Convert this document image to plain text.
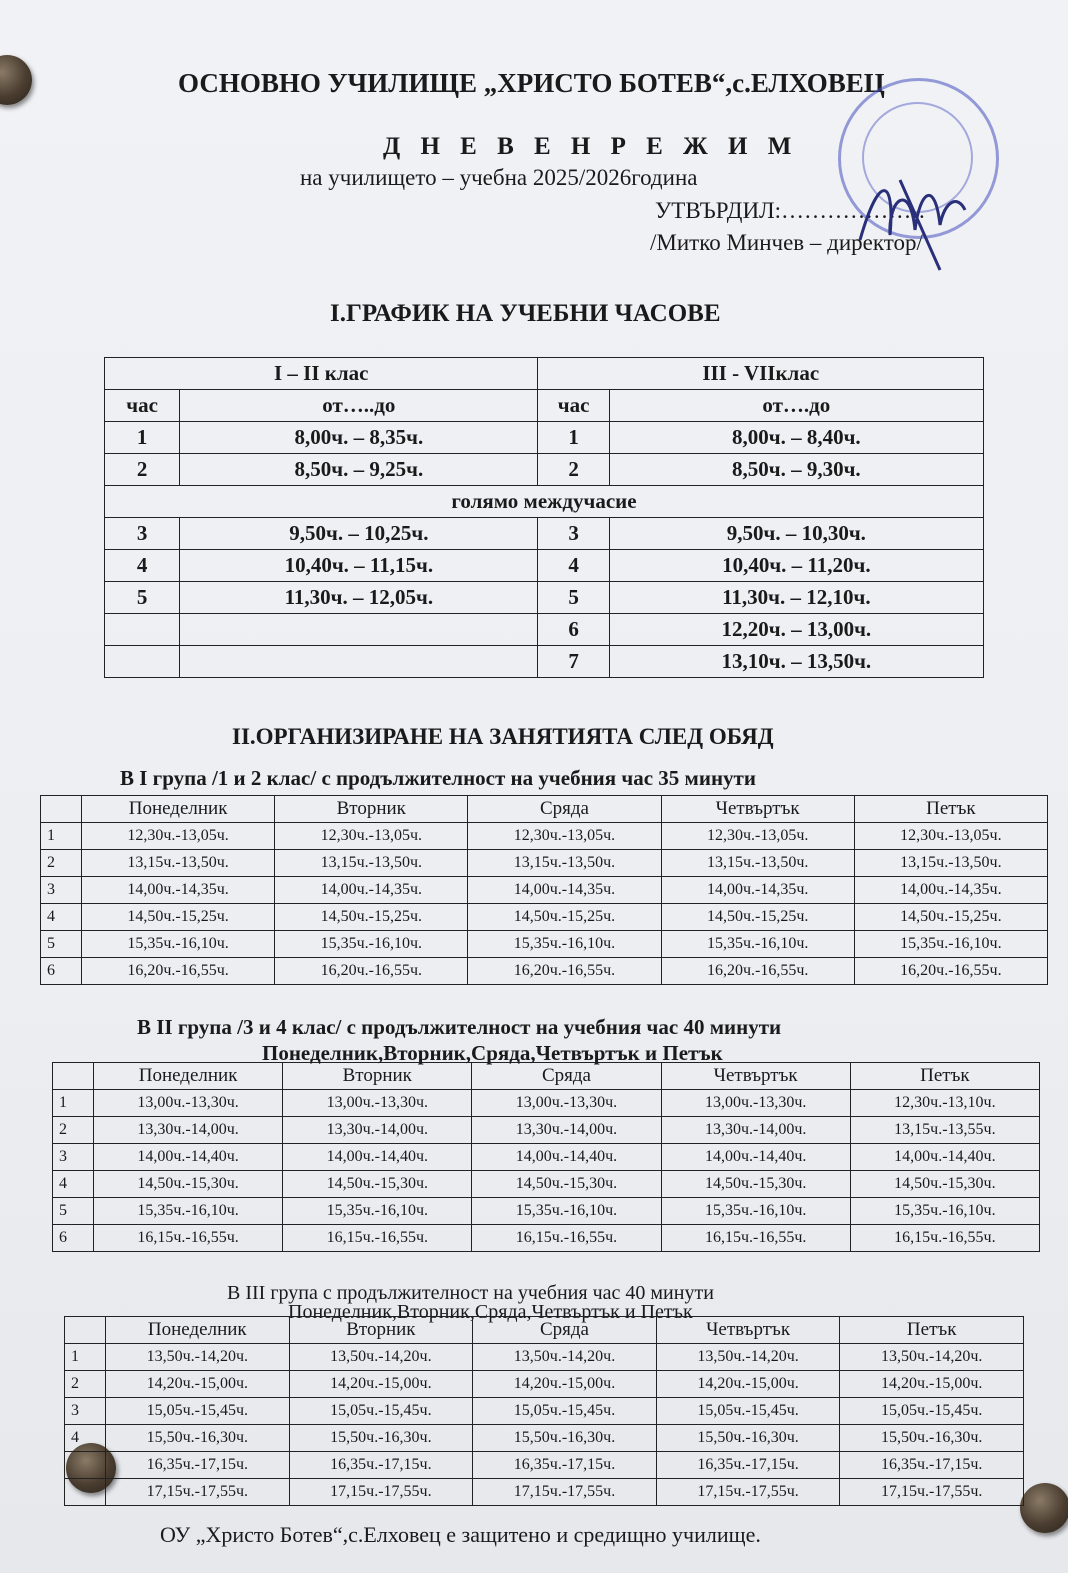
ОСНОВНО УЧИЛИЩЕ „ХРИСТО БОТЕВ“,с.ЕЛХОВЕЦ
Д Н Е В Е Н Р Е Ж И М
на училището – учебна 2025/2026година
УТВЪРДИЛ:……………….
/Митко Минчев – директор/
I.ГРАФИК НА УЧЕБНИ ЧАСОВЕ
I – II клас		III - VIIклас	
час	от…..до	час	от….до
1	8,00ч. – 8,35ч.	1	8,00ч. – 8,40ч.
2	8,50ч. – 9,25ч.	2	8,50ч. – 9,30ч.
голямо междучасие			
3	9,50ч. – 10,25ч.	3	9,50ч. – 10,30ч.
4	10,40ч. – 11,15ч.	4	10,40ч. – 11,20ч.
5	11,30ч. – 12,05ч.	5	11,30ч. – 12,10ч.
		6	12,20ч. – 13,00ч.
		7	13,10ч. – 13,50ч.
II.ОРГАНИЗИРАНЕ НА ЗАНЯТИЯТА СЛЕД ОБЯД
В I група /1 и 2 клас/ с продължителност на учебния час 35 минути
	Понеделник	Вторник	Сряда	Четвъртък	Петък
1	12,30ч.-13,05ч.	12,30ч.-13,05ч.	12,30ч.-13,05ч.	12,30ч.-13,05ч.	12,30ч.-13,05ч.
2	13,15ч.-13,50ч.	13,15ч.-13,50ч.	13,15ч.-13,50ч.	13,15ч.-13,50ч.	13,15ч.-13,50ч.
3	14,00ч.-14,35ч.	14,00ч.-14,35ч.	14,00ч.-14,35ч.	14,00ч.-14,35ч.	14,00ч.-14,35ч.
4	14,50ч.-15,25ч.	14,50ч.-15,25ч.	14,50ч.-15,25ч.	14,50ч.-15,25ч.	14,50ч.-15,25ч.
5	15,35ч.-16,10ч.	15,35ч.-16,10ч.	15,35ч.-16,10ч.	15,35ч.-16,10ч.	15,35ч.-16,10ч.
6	16,20ч.-16,55ч.	16,20ч.-16,55ч.	16,20ч.-16,55ч.	16,20ч.-16,55ч.	16,20ч.-16,55ч.
В II група /3 и 4 клас/ с продължителност на учебния час 40 минути
Понеделник,Вторник,Сряда,Четвъртък и Петък
	Понеделник	Вторник	Сряда	Четвъртък	Петък
1	13,00ч.-13,30ч.	13,00ч.-13,30ч.	13,00ч.-13,30ч.	13,00ч.-13,30ч.	12,30ч.-13,10ч.
2	13,30ч.-14,00ч.	13,30ч.-14,00ч.	13,30ч.-14,00ч.	13,30ч.-14,00ч.	13,15ч.-13,55ч.
3	14,00ч.-14,40ч.	14,00ч.-14,40ч.	14,00ч.-14,40ч.	14,00ч.-14,40ч.	14,00ч.-14,40ч.
4	14,50ч.-15,30ч.	14,50ч.-15,30ч.	14,50ч.-15,30ч.	14,50ч.-15,30ч.	14,50ч.-15,30ч.
5	15,35ч.-16,10ч.	15,35ч.-16,10ч.	15,35ч.-16,10ч.	15,35ч.-16,10ч.	15,35ч.-16,10ч.
6	16,15ч.-16,55ч.	16,15ч.-16,55ч.	16,15ч.-16,55ч.	16,15ч.-16,55ч.	16,15ч.-16,55ч.
В III група с продължителност на учебния час 40 минути
Понеделник,Вторник,Сряда,Четвъртък и Петък
	Понеделник	Вторник	Сряда	Четвъртък	Петък
1	13,50ч.-14,20ч.	13,50ч.-14,20ч.	13,50ч.-14,20ч.	13,50ч.-14,20ч.	13,50ч.-14,20ч.
2	14,20ч.-15,00ч.	14,20ч.-15,00ч.	14,20ч.-15,00ч.	14,20ч.-15,00ч.	14,20ч.-15,00ч.
3	15,05ч.-15,45ч.	15,05ч.-15,45ч.	15,05ч.-15,45ч.	15,05ч.-15,45ч.	15,05ч.-15,45ч.
4	15,50ч.-16,30ч.	15,50ч.-16,30ч.	15,50ч.-16,30ч.	15,50ч.-16,30ч.	15,50ч.-16,30ч.
	16,35ч.-17,15ч.	16,35ч.-17,15ч.	16,35ч.-17,15ч.	16,35ч.-17,15ч.	16,35ч.-17,15ч.
	17,15ч.-17,55ч.	17,15ч.-17,55ч.	17,15ч.-17,55ч.	17,15ч.-17,55ч.	17,15ч.-17,55ч.
ОУ „Христо Ботев“,с.Елховец е защитено и средищно училище.
